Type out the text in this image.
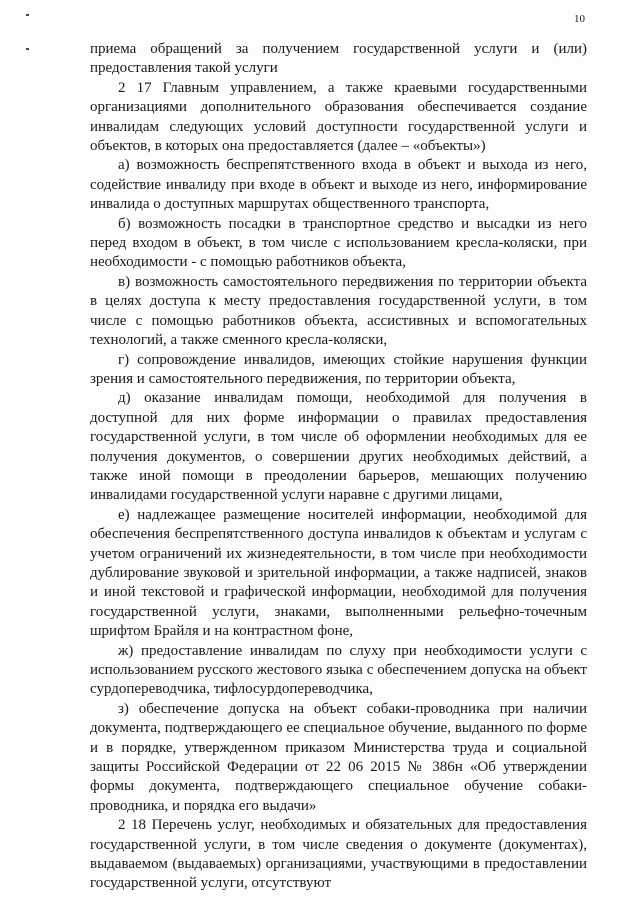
10

приема обращений за получением государственной услуги и (или) предоставления такой услуги

2 17 Главным управлением, а также краевыми государственными организациями дополнительного образования обеспечивается создание инвалидам следующих условий доступности государственной услуги и объектов, в которых она предоставляется (далее – «объекты»)

а) возможность беспрепятственного входа в объект и выхода из него, содействие инвалиду при входе в объект и выходе из него, информирование инвалида о доступных маршрутах общественного транспорта,

б) возможность посадки в транспортное средство и высадки из него перед входом в объект, в том числе с использованием кресла-коляски, при необходимости - с помощью работников объекта,

в) возможность самостоятельного передвижения по территории объекта в целях доступа к месту предоставления государственной услуги, в том числе с помощью работников объекта, ассистивных и вспомогательных технологий, а также сменного кресла-коляски,

г) сопровождение инвалидов, имеющих стойкие нарушения функции зрения и самостоятельного передвижения, по территории объекта,

д) оказание инвалидам помощи, необходимой для получения в доступной для них форме информации о правилах предоставления государственной услуги, в том числе об оформлении необходимых для ее получения документов, о совершении других необходимых действий, а также иной помощи в преодолении барьеров, мешающих получению инвалидами государственной услуги наравне с другими лицами,

е) надлежащее размещение носителей информации, необходимой для обеспечения беспрепятственного доступа инвалидов к объектам и услугам с учетом ограничений их жизнедеятельности, в том числе при необходимости дублирование звуковой и зрительной информации, а также надписей, знаков и иной текстовой и графической информации, необходимой для получения государственной услуги, знаками, выполненными рельефно-точечным шрифтом Брайля и на контрастном фоне,

ж) предоставление инвалидам по слуху при необходимости услуги с использованием русского жестового языка с обеспечением допуска на объект сурдопереводчика, тифлосурдопереводчика,

з) обеспечение допуска на объект собаки-проводника при наличии документа, подтверждающего ее специальное обучение, выданного по форме и в порядке, утвержденном приказом Министерства труда и социальной защиты Российской Федерации от 22 06 2015 № 386н «Об утверждении формы документа, подтверждающего специальное обучение собаки-проводника, и порядка его выдачи»

2 18 Перечень услуг, необходимых и обязательных для предоставления государственной услуги, в том числе сведения о документе (документах), выдаваемом (выдаваемых) организациями, участвующими в предоставлении государственной услуги, отсутствуют
